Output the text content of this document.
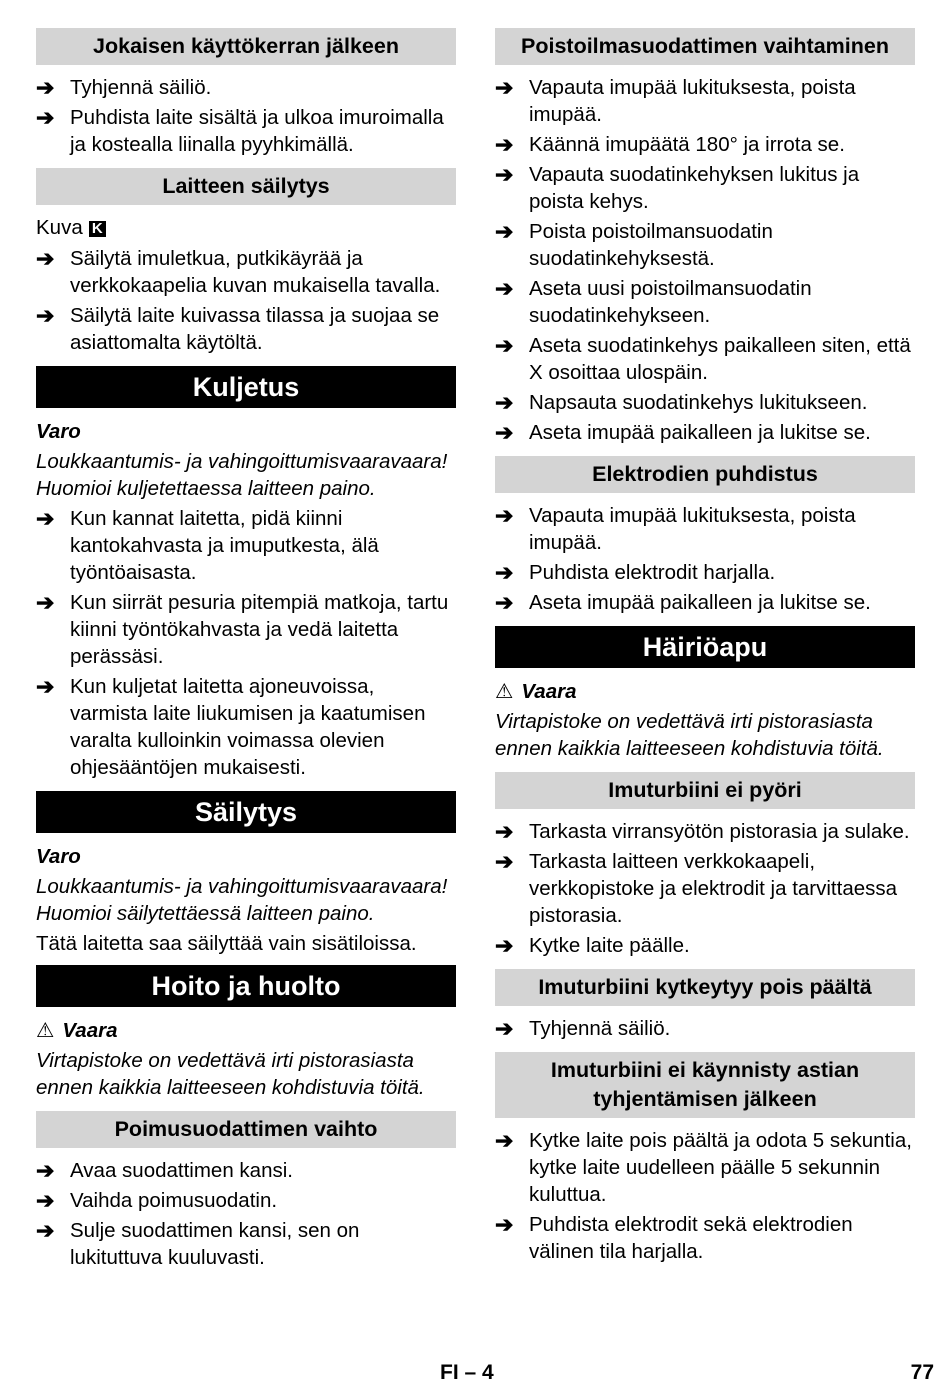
Jokaisen käyttökerran jälkeen
➔ Tyhjennä säiliö.
➔ Puhdista laite sisältä ja ulkoa imuroimalla ja kostealla liinalla pyyhkimällä.
Laitteen säilytys
Kuva K
➔ Säilytä imuletkua, putkikäyrää ja verkkokaapelia kuvan mukaisella tavalla.
➔ Säilytä laite kuivassa tilassa ja suojaa se asiattomalta käytöltä.
Kuljetus
Varo
Loukkaantumis- ja vahingoittumisvaaravaara! Huomioi kuljetettaessa laitteen paino.
➔ Kun kannat laitetta, pidä kiinni kantokahvasta ja imuputkesta, älä työntöaisasta.
➔ Kun siirrät pesuria pitempiä matkoja, tartu kiinni työntökahvasta ja vedä laitetta perässäsi.
➔ Kun kuljetat laitetta ajoneuvoissa, varmista laite liukumisen ja kaatumisen varalta kulloinkin voimassa olevien ohjesääntöjen mukaisesti.
Säilytys
Varo
Loukkaantumis- ja vahingoittumisvaaravaara! Huomioi säilytettäessä laitteen paino.
Tätä laitetta saa säilyttää vain sisätiloissa.
Hoito ja huolto
⚠ Vaara
Virtapistoke on vedettävä irti pistorasiasta ennen kaikkia laitteeseen kohdistuvia töitä.
Poimusuodattimen vaihto
➔ Avaa suodattimen kansi.
➔ Vaihda poimusuodatin.
➔ Sulje suodattimen kansi, sen on lukituttuva kuuluvasti.
Poistoilmasuodattimen vaihtaminen
➔ Vapauta imupää lukituksesta, poista imupää.
➔ Käännä imupäätä 180° ja irrota se.
➔ Vapauta suodatinkehyksen lukitus ja poista kehys.
➔ Poista poistoilmansuodatin suodatinkehyksestä.
➔ Aseta uusi poistoilmansuodatin suodatinkehykseen.
➔ Aseta suodatinkehys paikalleen siten, että X osoittaa ulospäin.
➔ Napsauta suodatinkehys lukitukseen.
➔ Aseta imupää paikalleen ja lukitse se.
Elektrodien puhdistus
➔ Vapauta imupää lukituksesta, poista imupää.
➔ Puhdista elektrodit harjalla.
➔ Aseta imupää paikalleen ja lukitse se.
Häiriöapu
⚠ Vaara
Virtapistoke on vedettävä irti pistorasiasta ennen kaikkia laitteeseen kohdistuvia töitä.
Imuturbiini ei pyöri
➔ Tarkasta virransyötön pistorasia ja sulake.
➔ Tarkasta laitteen verkkokaapeli, verkkopistoke ja elektrodit ja tarvittaessa pistorasia.
➔ Kytke laite päälle.
Imuturbiini kytkeytyy pois päältä
➔ Tyhjennä säiliö.
Imuturbiini ei käynnisty astian tyhjentämisen jälkeen
➔ Kytke laite pois päältä ja odota 5 sekuntia, kytke laite uudelleen päälle 5 sekunnin kuluttua.
➔ Puhdista elektrodit sekä elektrodien välinen tila harjalla.
FI – 4	77
